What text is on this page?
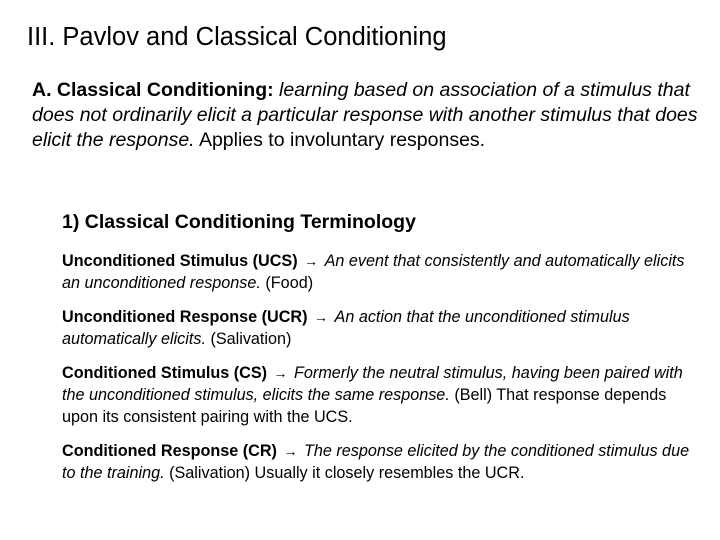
III. Pavlov and Classical Conditioning
A. Classical Conditioning: learning based on association of a stimulus that does not ordinarily elicit a particular response with another stimulus that does elicit the response. Applies to involuntary responses.
1) Classical Conditioning Terminology
Unconditioned Stimulus (UCS) → An event that consistently and automatically elicits an unconditioned response. (Food)
Unconditioned Response (UCR) → An action that the unconditioned stimulus automatically elicits. (Salivation)
Conditioned Stimulus (CS) → Formerly the neutral stimulus, having been paired with the unconditioned stimulus, elicits the same response. (Bell) That response depends upon its consistent pairing with the UCS.
Conditioned Response (CR) → The response elicited by the conditioned stimulus due to the training. (Salivation) Usually it closely resembles the UCR.
